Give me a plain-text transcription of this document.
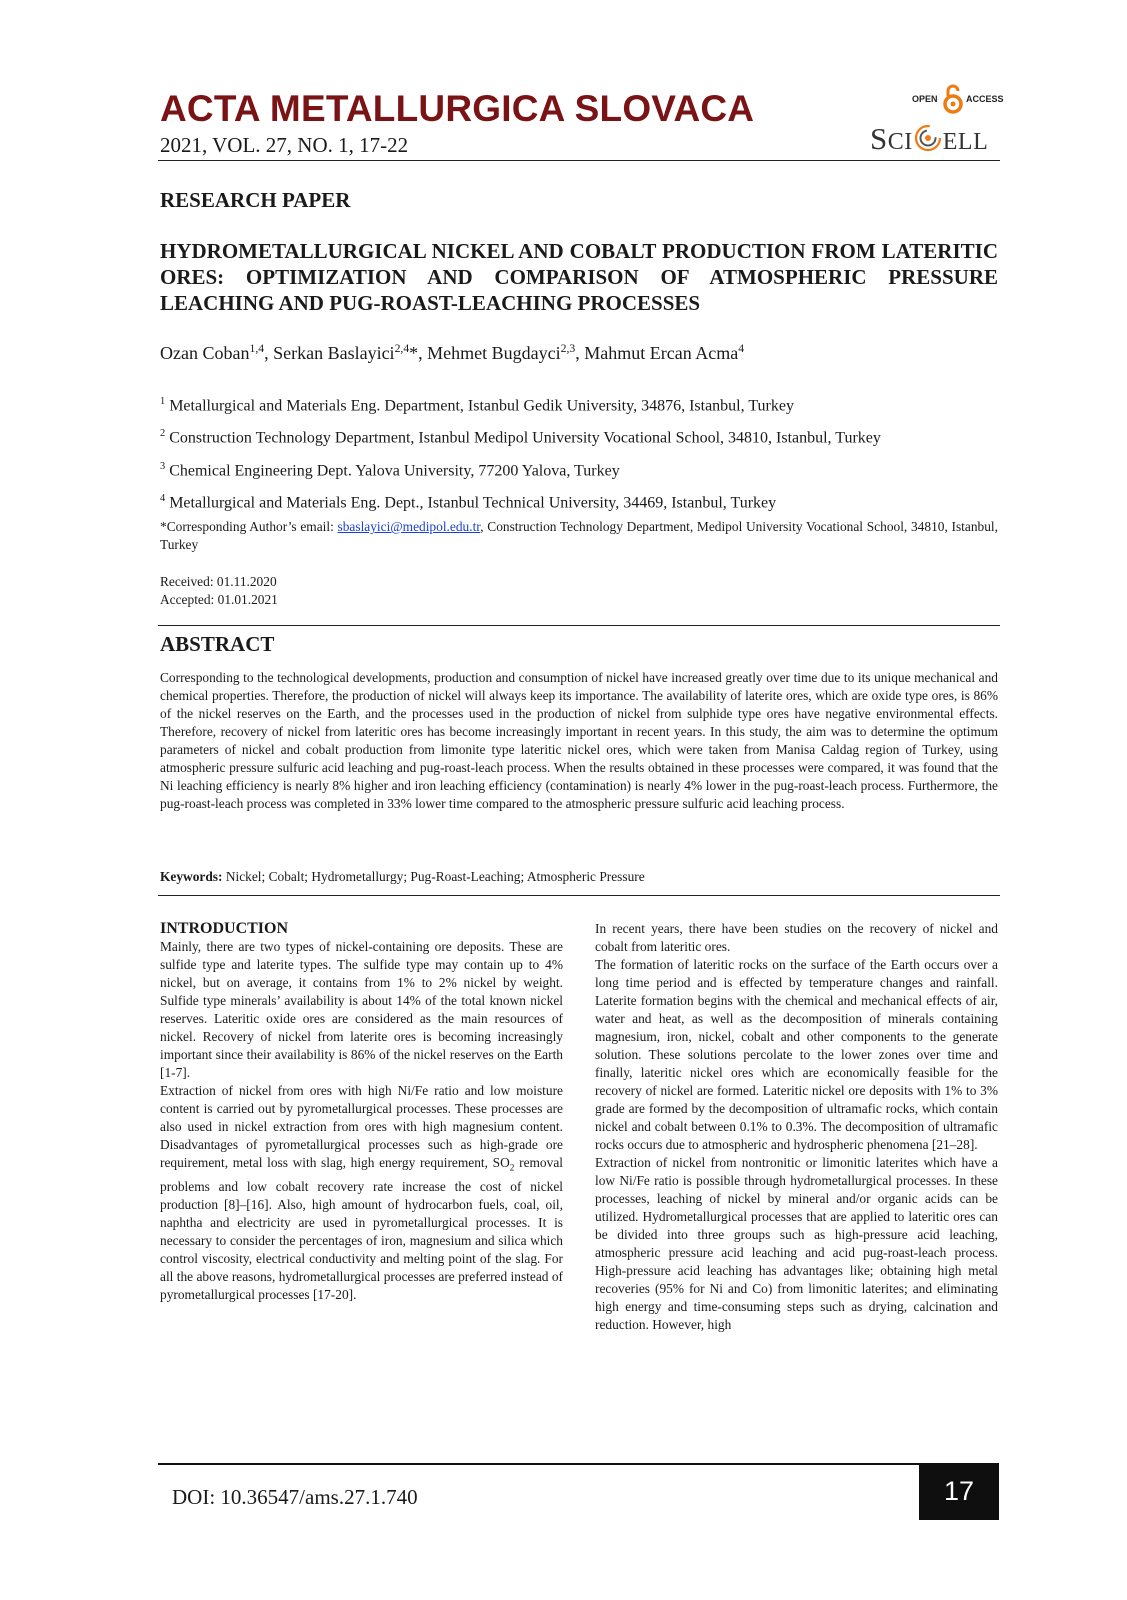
ACTA METALLURGICA SLOVACA
2021, VOL. 27, NO. 1, 17-22
OPEN	ACCESS
SCI ELL
RESEARCH PAPER
HYDROMETALLURGICAL NICKEL AND COBALT PRODUCTION FROM LATERITIC ORES: OPTIMIZATION AND COMPARISON OF ATMOSPHERIC PRESSURE LEACHING AND PUG-ROAST-LEACHING PROCESSES
Ozan Coban$^{1,4}$, Serkan Baslayici$^{2,4}$*, Mehmet Bugdayci$^{2,3}$, Mahmut Ercan Acma$^4$
$^1$ Metallurgical and Materials Eng. Department, Istanbul Gedik University, 34876, Istanbul, Turkey
$^2$ Construction Technology Department, Istanbul Medipol University Vocational School, 34810, Istanbul, Turkey
$^3$ Chemical Engineering Dept. Yalova University, 77200 Yalova, Turkey
$^4$ Metallurgical and Materials Eng. Dept., Istanbul Technical University, 34469, Istanbul, Turkey
*Corresponding Author’s email: sbaslayici@medipol.edu.tr, Construction Technology Department, Medipol University Vocational School, 34810, Istanbul, Turkey
Received: 01.11.2020
Accepted: 01.01.2021
ABSTRACT
Corresponding to the technological developments, production and consumption of nickel have increased greatly over time due to its unique mechanical and chemical properties. Therefore, the production of nickel will always keep its importance. The availability of laterite ores, which are oxide type ores, is 86% of the nickel reserves on the Earth, and the processes used in the production of nickel from sulphide type ores have negative environmental effects. Therefore, recovery of nickel from lateritic ores has become increasingly important in recent years. In this study, the aim was to determine the optimum parameters of nickel and cobalt production from limonite type lateritic nickel ores, which were taken from Manisa Caldag region of Turkey, using atmospheric pressure sulfuric acid leaching and pug-roast-leach process. When the results obtained in these processes were compared, it was found that the Ni leaching efficiency is nearly 8% higher and iron leaching efficiency (contamination) is nearly 4% lower in the pug-roast-leach process. Furthermore, the pug-roast-leach process was completed in 33% lower time compared to the atmospheric pressure sulfuric acid leaching process.
Keywords: Nickel; Cobalt; Hydrometallurgy; Pug-Roast-Leaching; Atmospheric Pressure

INTRODUCTION

Mainly, there are two types of nickel-containing ore deposits. These are sulfide type and laterite types. The sulfide type may contain up to 4% nickel, but on average, it contains from 1% to 2% nickel by weight. Sulfide type minerals’ availability is about 14% of the total known nickel reserves. Lateritic oxide ores are considered as the main resources of nickel. Recovery of nickel from laterite ores is becoming increasingly important since their availability is 86% of the nickel reserves on the Earth [1-7].

Extraction of nickel from ores with high Ni/Fe ratio and low moisture content is carried out by pyrometallurgical processes. These processes are also used in nickel extraction from ores with high magnesium content. Disadvantages of pyrometallurgical processes such as high-grade ore requirement, metal loss with slag, high energy requirement, $SO_2$ removal problems and low cobalt recovery rate increase the cost of nickel production [8]–[16]. Also, high amount of hydrocarbon fuels, coal, oil, naphtha and electricity are used in pyrometallurgical processes. It is necessary to consider the percentages of iron, magnesium and silica which control viscosity, electrical conductivity and melting point of the slag. For all the above reasons, hydrometallurgical processes are preferred instead of pyrometallurgical processes [17-20].

In recent years, there have been studies on the recovery of nickel and cobalt from lateritic ores.

The formation of lateritic rocks on the surface of the Earth occurs over a long time period and is effected by temperature changes and rainfall. Laterite formation begins with the chemical and mechanical effects of air, water and heat, as well as the decomposition of minerals containing magnesium, iron, nickel, cobalt and other components to the generate solution. These solutions percolate to the lower zones over time and finally, lateritic nickel ores which are economically feasible for the recovery of nickel are formed. Lateritic nickel ore deposits with 1% to 3% grade are formed by the decomposition of ultramafic rocks, which contain nickel and cobalt between 0.1% to 0.3%. The decomposition of ultramafic rocks occurs due to atmospheric and hydrospheric phenomena [21–28].

Extraction of nickel from nontronitic or limonitic laterites which have a low Ni/Fe ratio is possible through hydrometallurgical processes. In these processes, leaching of nickel by mineral and/or organic acids can be utilized. Hydrometallurgical processes that are applied to lateritic ores can be divided into three groups such as high-pressure acid leaching, atmospheric pressure acid leaching and acid pug-roast-leach process. High-pressure acid leaching has advantages like; obtaining high metal recoveries (95% for Ni and Co) from limonitic laterites; and eliminating high energy and time-consuming steps such as drying, calcination and reduction. However, high

DOI: 10.36547/ams.27.1.740	17
